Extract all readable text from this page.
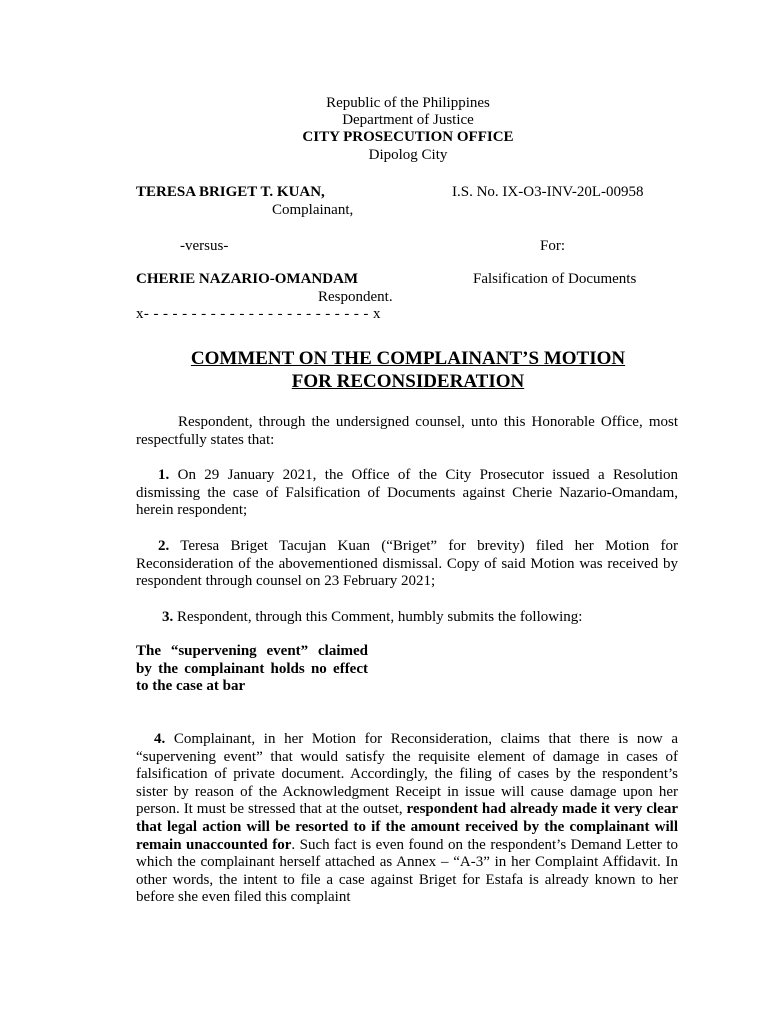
Republic of the Philippines
Department of Justice
CITY PROSECUTION OFFICE
Dipolog City
TERESA BRIGET T. KUAN,
Complainant,
I.S. No. IX-O3-INV-20L-00958
-versus-	For:
CHERIE NAZARIO-OMANDAM	Falsification of Documents
Respondent.
x- - - - - - - - - - - - - - - - - - - - - - - - x
COMMENT ON THE COMPLAINANT’S MOTION
FOR RECONSIDERATION
Respondent, through the undersigned counsel, unto this Honorable Office, most respectfully states that:
1. On 29 January 2021, the Office of the City Prosecutor issued a Resolution dismissing the case of Falsification of Documents against Cherie Nazario-Omandam, herein respondent;
2. Teresa Briget Tacujan Kuan (“Briget” for brevity) filed her Motion for Reconsideration of the abovementioned dismissal. Copy of said Motion was received by respondent through counsel on 23 February 2021;
3. Respondent, through this Comment, humbly submits the following:
The “supervening event” claimed by the complainant holds no effect to the case at bar
4. Complainant, in her Motion for Reconsideration, claims that there is now a “supervening event” that would satisfy the requisite element of damage in cases of falsification of private document. Accordingly, the filing of cases by the respondent’s sister by reason of the Acknowledgment Receipt in issue will cause damage upon her person. It must be stressed that at the outset, respondent had already made it very clear that legal action will be resorted to if the amount received by the complainant will remain unaccounted for. Such fact is even found on the respondent’s Demand Letter to which the complainant herself attached as Annex – “A-3” in her Complaint Affidavit. In other words, the intent to file a case against Briget for Estafa is already known to her before she even filed this complaint
